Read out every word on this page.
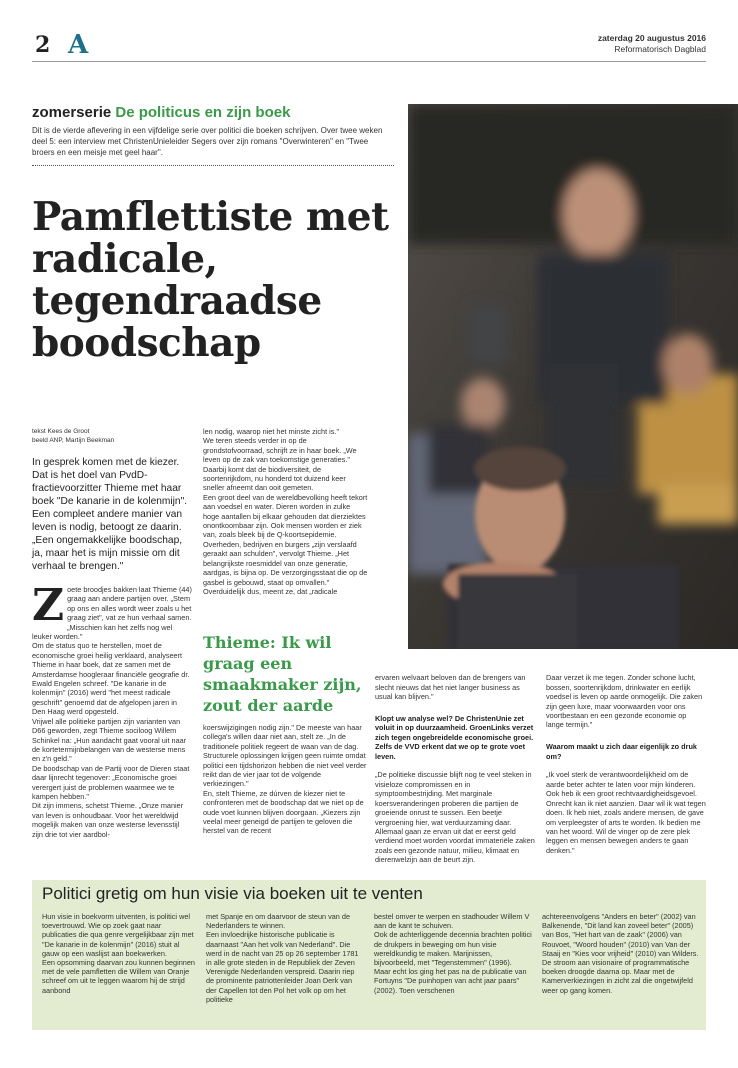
2 A	zaterdag 20 augustus 2016
Reformatorisch Dagblad
zomerserie De politicus en zijn boek
Dit is de vierde aflevering in een vijfdelige serie over politici die boeken schrijven. Over twee weken deel 5: een interview met ChristenUnieleider Segers over zijn romans "Overwinteren" en "Twee broers en een meisje met geel haar".
Pamflettiste met radicale, tegendraadse boodschap
tekst Kees de Groot
beeld ANP, Martijn Beekman
In gesprek komen met de kiezer. Dat is het doel van PvdD-fractievoorzitter Thieme met haar boek "De kanarie in de kolenmijn". Een compleet andere manier van leven is nodig, betoogt ze daarin. „Een ongemakkelijke boodschap, ja, maar het is mijn missie om dit verhaal te brengen."
Zoete broodjes bakken laat Thieme (44) graag aan andere partijen over. „Stem op ons en alles wordt weer zoals u het graag ziet", vat ze hun verhaal samen. „Misschien kan het zelfs nog wel leuker worden."
Om de status quo te herstellen, moet de economische groei heilig verklaard, analyseert Thieme in haar boek, dat ze samen met de Amsterdamse hoogleraar financiële geografie dr. Ewald Engelen schreef. "De kanarie in de kolenmijn" (2016) werd "het meest radicale geschrift" genoemd dat de afgelopen jaren in Den Haag werd opgesteld.
Vrijwel alle politieke partijen zijn varianten van D66 geworden, zegt Thieme sociloog Willem Schinkel na: „Hun aandacht gaat vooral uit naar de kortetermijnbelangen van de westerse mens en z'n geld."
De boodschap van de Partij voor de Dieren staat daar lijnrecht tegenover: „Economische groei verergert juist de problemen waarmee we te kampen hebben."
Dit zijn immens, schetst Thieme. „Onze manier van leven is onhoudbaar. Voor het wereldwijd mogelijk maken van onze westerse levensstijl zijn drie tot vier aardbol-
len nodig, waarop niet het minste zicht is."
We teren steeds verder in op de grondstofvoorraad, schrijft ze in haar boek. „We leven op de zak van toekomstige generaties." Daarbij komt dat de biodiversiteit, de soortenrijkdom, nu honderd tot duizend keer sneller afneemt dan ooit gemeten.
Een groot deel van de wereldbevolking heeft tekort aan voedsel en water. Dieren worden in zulke hoge aantallen bij elkaar gehouden dat dierziektes onontkoombaar zijn. Ook mensen worden er ziek van, zoals bleek bij de Q-koortsepidemie.
Overheden, bedrijven en burgers „zijn verslaafd geraakt aan schulden", vervolgt Thieme. „Het belangrijkste roesmiddel van onze generatie, aardgas, is bijna op. De verzorgingsstaat die op de gasbel is gebouwd, staat op omvallen."
Overduidelijk dus, meent ze, dat „radicale
Thieme: Ik wil graag een smaakmaker zijn, zout der aarde
koerswijzigingen nodig zijn." De meeste van haar collega's willen daar niet aan, stelt ze. „In de traditionele politiek regeert de waan van de dag. Structurele oplossingen krijgen geen ruimte omdat politici een tijdshorizon hebben die niet veel verder reikt dan de vier jaar tot de volgende verkiezingen."
En, stelt Thieme, ze dúrven de kiezer niet te confronteren met de boodschap dat we niet op de oude voet kunnen blijven doorgaan. „Kiezers zijn veelal meer geneigd de partijen te geloven die herstel van de recent

ervaren welvaart beloven dan de brengers van slecht nieuws dat het niet langer business as usual kan blijven."

Klopt uw analyse wel? De ChristenUnie zet voluit in op duurzaamheid. GroenLinks verzet zich tegen ongebreidelde economische groei. Zelfs de VVD erkent dat we op te grote voet leven.

„De politieke discussie blijft nog te veel steken in visieloze compromissen en in symptoombestrijding. Met marginale koersveranderingen proberen die partijen de groeiende onrust te sussen. Een beetje vergroening hier, wat verduurzaming daar. Allemaal gaan ze ervan uit dat er eerst geld verdiend moet worden voordat immateriële zaken zoals een gezonde natuur, milieu, klimaat en dierenwelzijn aan de beurt zijn.

Daar verzet ik me tegen. Zonder schone lucht, bossen, soortenrijkdom, drinkwater en eerlijk voedsel is leven op aarde onmogelijk. Die zaken zijn geen luxe, maar voorwaarden voor ons voortbestaan en een gezonde economie op lange termijn."

Waarom maakt u zich daar eigenlijk zo druk om?

„Ik voel sterk de verantwoordelijkheid om de aarde beter achter te laten voor mijn kinderen. Ook heb ik een groot rechtvaardigheidsgevoel. Onrecht kan ik niet aanzien. Daar wil ik wat tegen doen. Ik heb niet, zoals andere mensen, de gave om verpleegster of arts te worden. Ik bedien me van het woord. Wil de vinger op de zere plek leggen en mensen bewegen anders te gaan denken."

Politici gretig om hun visie via boeken uit te venten
Hun visie in boekvorm uitventen, is politici wel toevertrouwd. Wie op zoek gaat naar publicaties die qua genre vergelijkbaar zijn met "De kanarie in de kolenmijn" (2016) stuit al gauw op een waslijst aan boekwerken.
Een opsomming daarvan zou kunnen beginnen met de vele pamfletten die Willem van Oranje schreef om uit te leggen waarom hij de strijd aanbond
met Spanje en om daarvoor de steun van de Nederlanders te winnen.
Een invloedrijke historische publicatie is daarnaast "Aan het volk van Nederland". Die werd in de nacht van 25 op 26 september 1781 in alle grote steden in de Republiek der Zeven Verenigde Nederlanden verspreid. Daarin riep de prominente patriottenleider Joan Derk van der Capellen tot den Pol het volk op om het politieke
bestel omver te werpen en stadhouder Willem V aan de kant te schuiven.
Ook de achterliggende decennia brachten politici de drukpers in beweging om hun visie wereldkundig te maken. Marijnissen, bijvoorbeeld, met "Tegenstemmen" (1996).
Maar echt los ging het pas na de publicatie van Fortuyns "De puinhopen van acht jaar paars" (2002). Toen verschenen
achtereenvolgens "Anders en beter" (2002) van Balkenende, "Dit land kan zoveel beter" (2005) van Bos, "Het hart van de zaak" (2006) van Rouvoet, "Woord houden" (2010) van Van der Staaij en "Kies voor vrijheid" (2010) van Wilders.
De stroom aan visionaire of programmatische boeken droogde daarna op. Maar met de Kamerverkiezingen in zicht zal die ongetwijfeld weer op gang komen.
